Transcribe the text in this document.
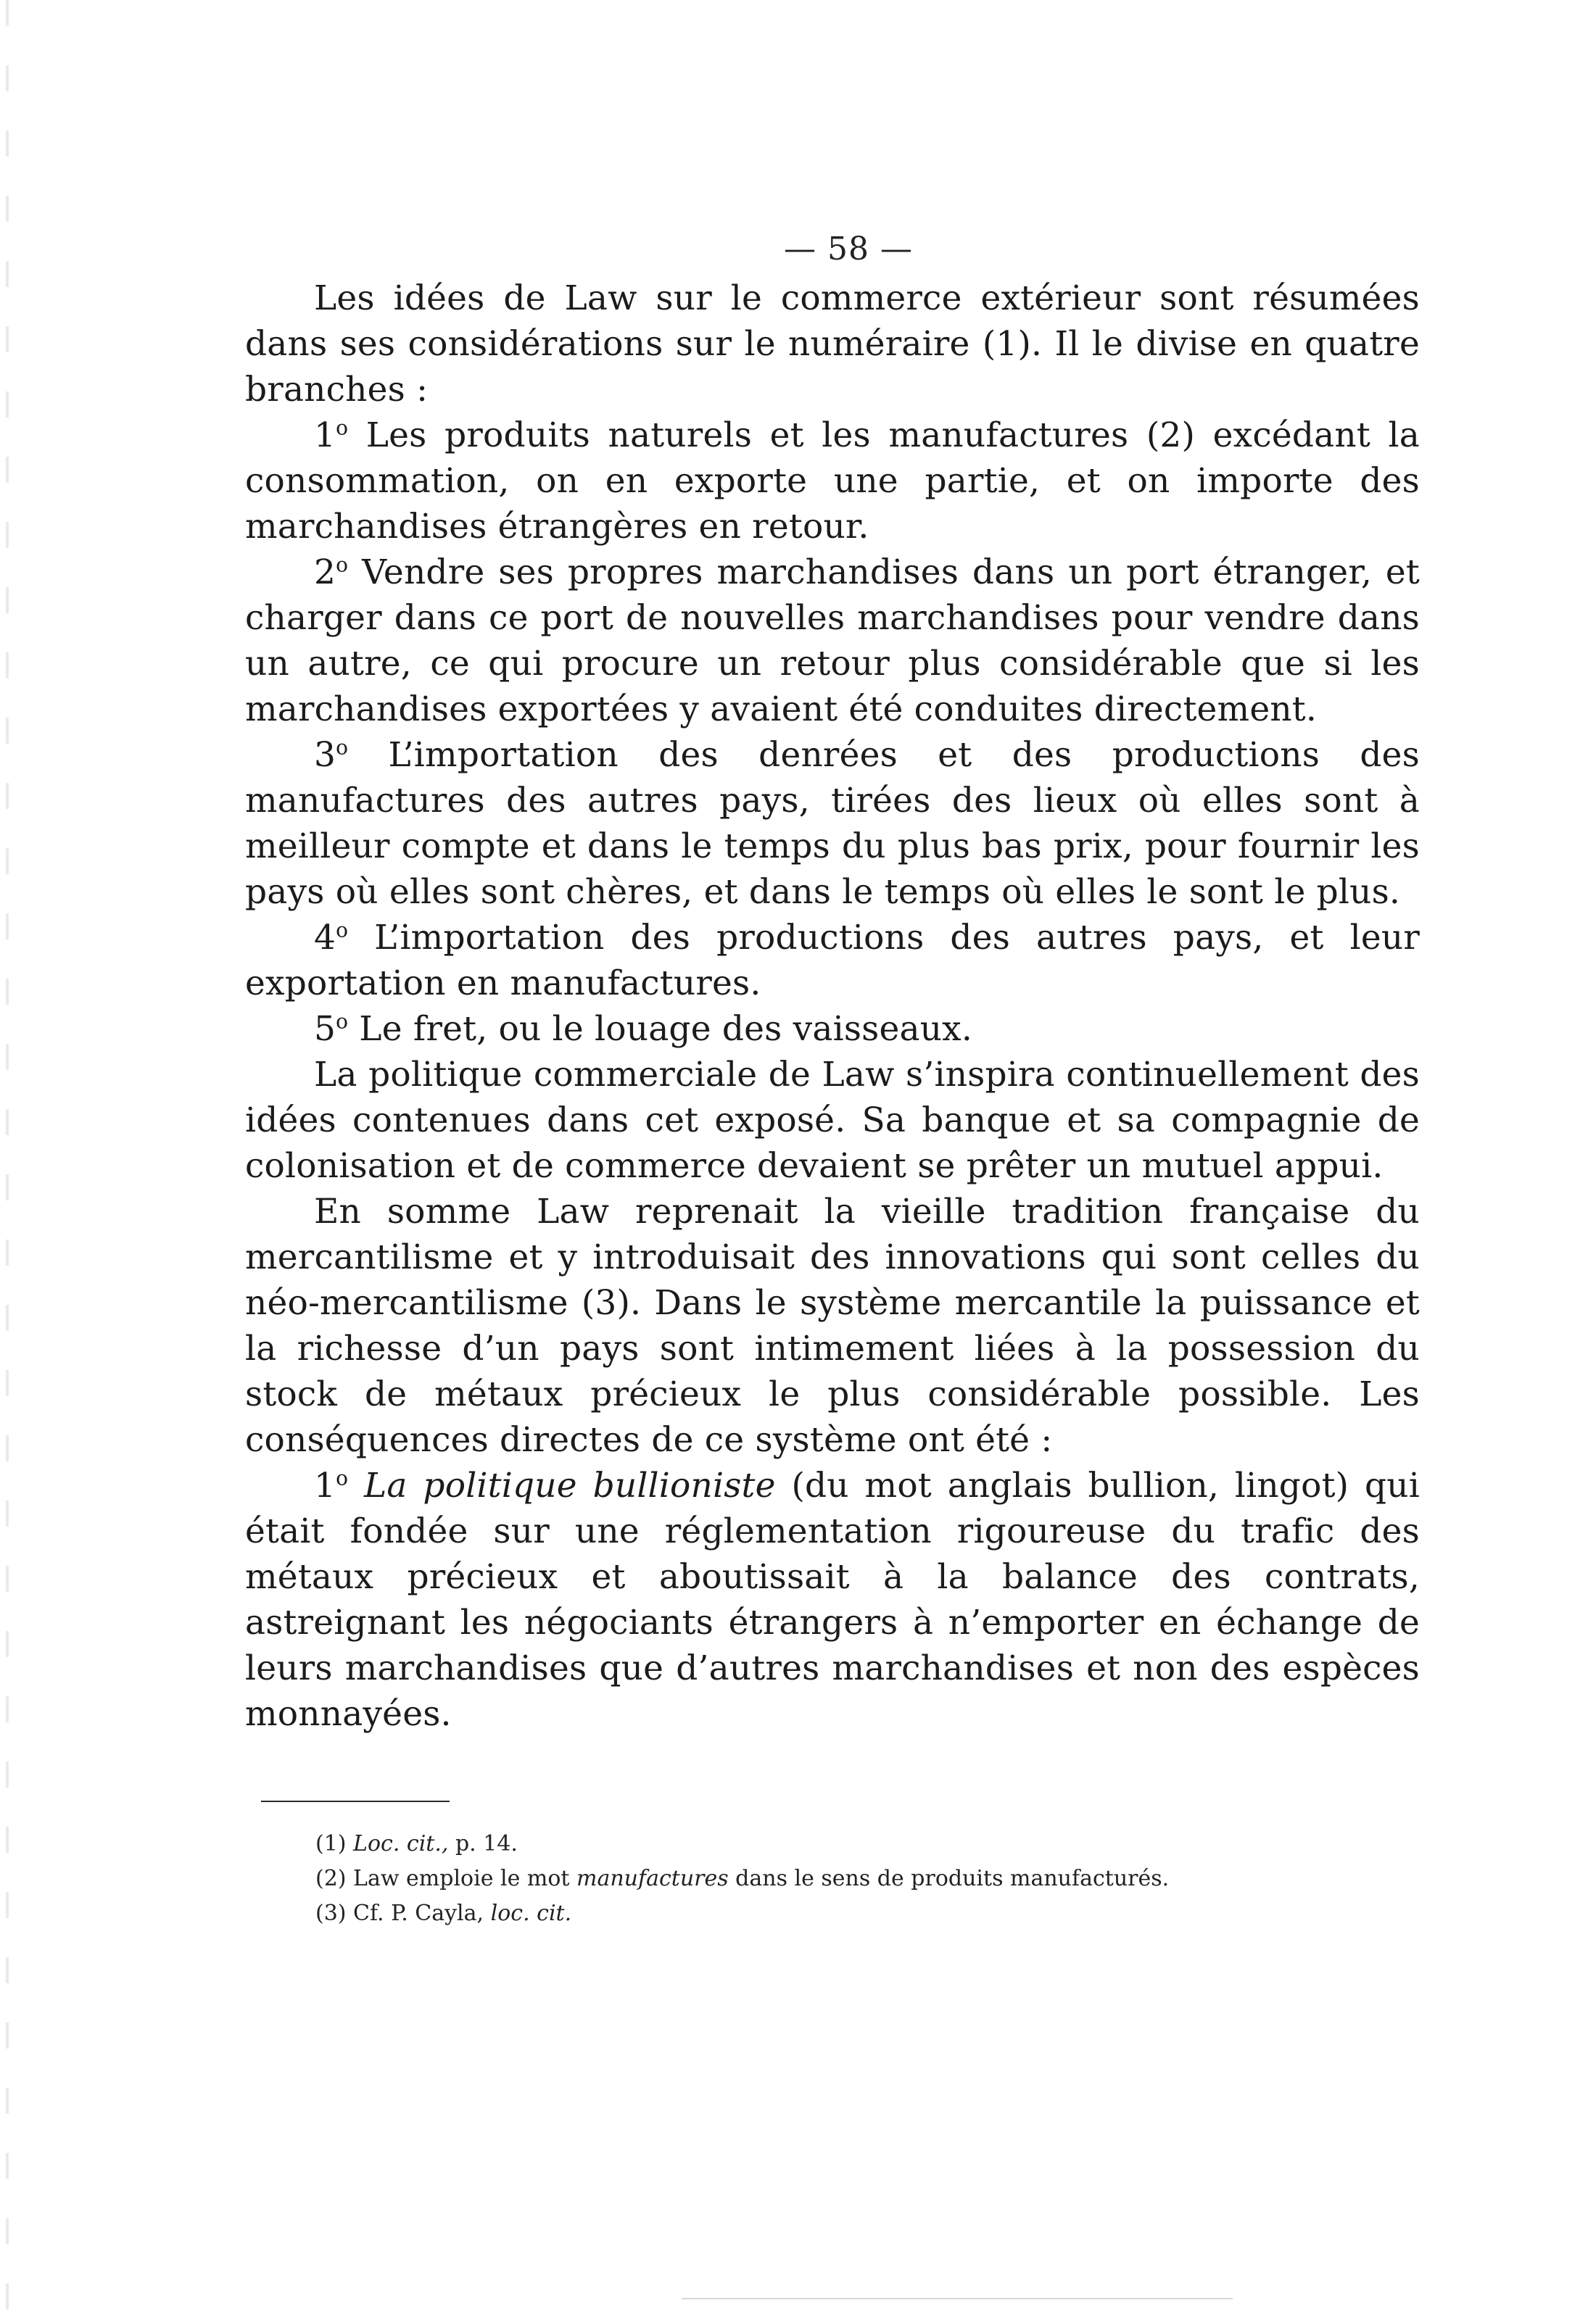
— 58 —

Les idées de Law sur le commerce extérieur sont résumées dans ses considérations sur le numéraire (1). Il le divise en quatre branches :

1$^o$ Les produits naturels et les manufactures (2) excédant la consommation, on en exporte une partie, et on importe des marchandises étrangères en retour.

2$^o$ Vendre ses propres marchandises dans un port étranger, et charger dans ce port de nouvelles marchandises pour vendre dans un autre, ce qui procure un retour plus considérable que si les marchandises exportées y avaient été conduites directement.

3$^o$ L’importation des denrées et des productions des manufactures des autres pays, tirées des lieux où elles sont à meilleur compte et dans le temps du plus bas prix, pour fournir les pays où elles sont chères, et dans le temps où elles le sont le plus.

4$^o$ L’importation des productions des autres pays, et leur exportation en manufactures.

5$^o$ Le fret, ou le louage des vaisseaux.

La politique commerciale de Law s’inspira continuellement des idées contenues dans cet exposé. Sa banque et sa compagnie de colonisation et de commerce devaient se prêter un mutuel appui.

En somme Law reprenait la vieille tradition française du mercantilisme et y introduisait des innovations qui sont celles du néo-mercantilisme (3). Dans le système mercantile la puissance et la richesse d’un pays sont intimement liées à la possession du stock de métaux précieux le plus considérable possible. Les conséquences directes de ce système ont été :

1$^o$ La politique bullioniste (du mot anglais bullion, lingot) qui était fondée sur une réglementation rigoureuse du trafic des métaux précieux et aboutissait à la balance des contrats, astreignant les négociants étrangers à n’emporter en échange de leurs marchandises que d’autres marchandises et non des espèces monnayées.

(1) Loc. cit., p. 14.
(2) Law emploie le mot manufactures dans le sens de produits manufacturés.
(3) Cf. P. Cayla, loc. cit.
